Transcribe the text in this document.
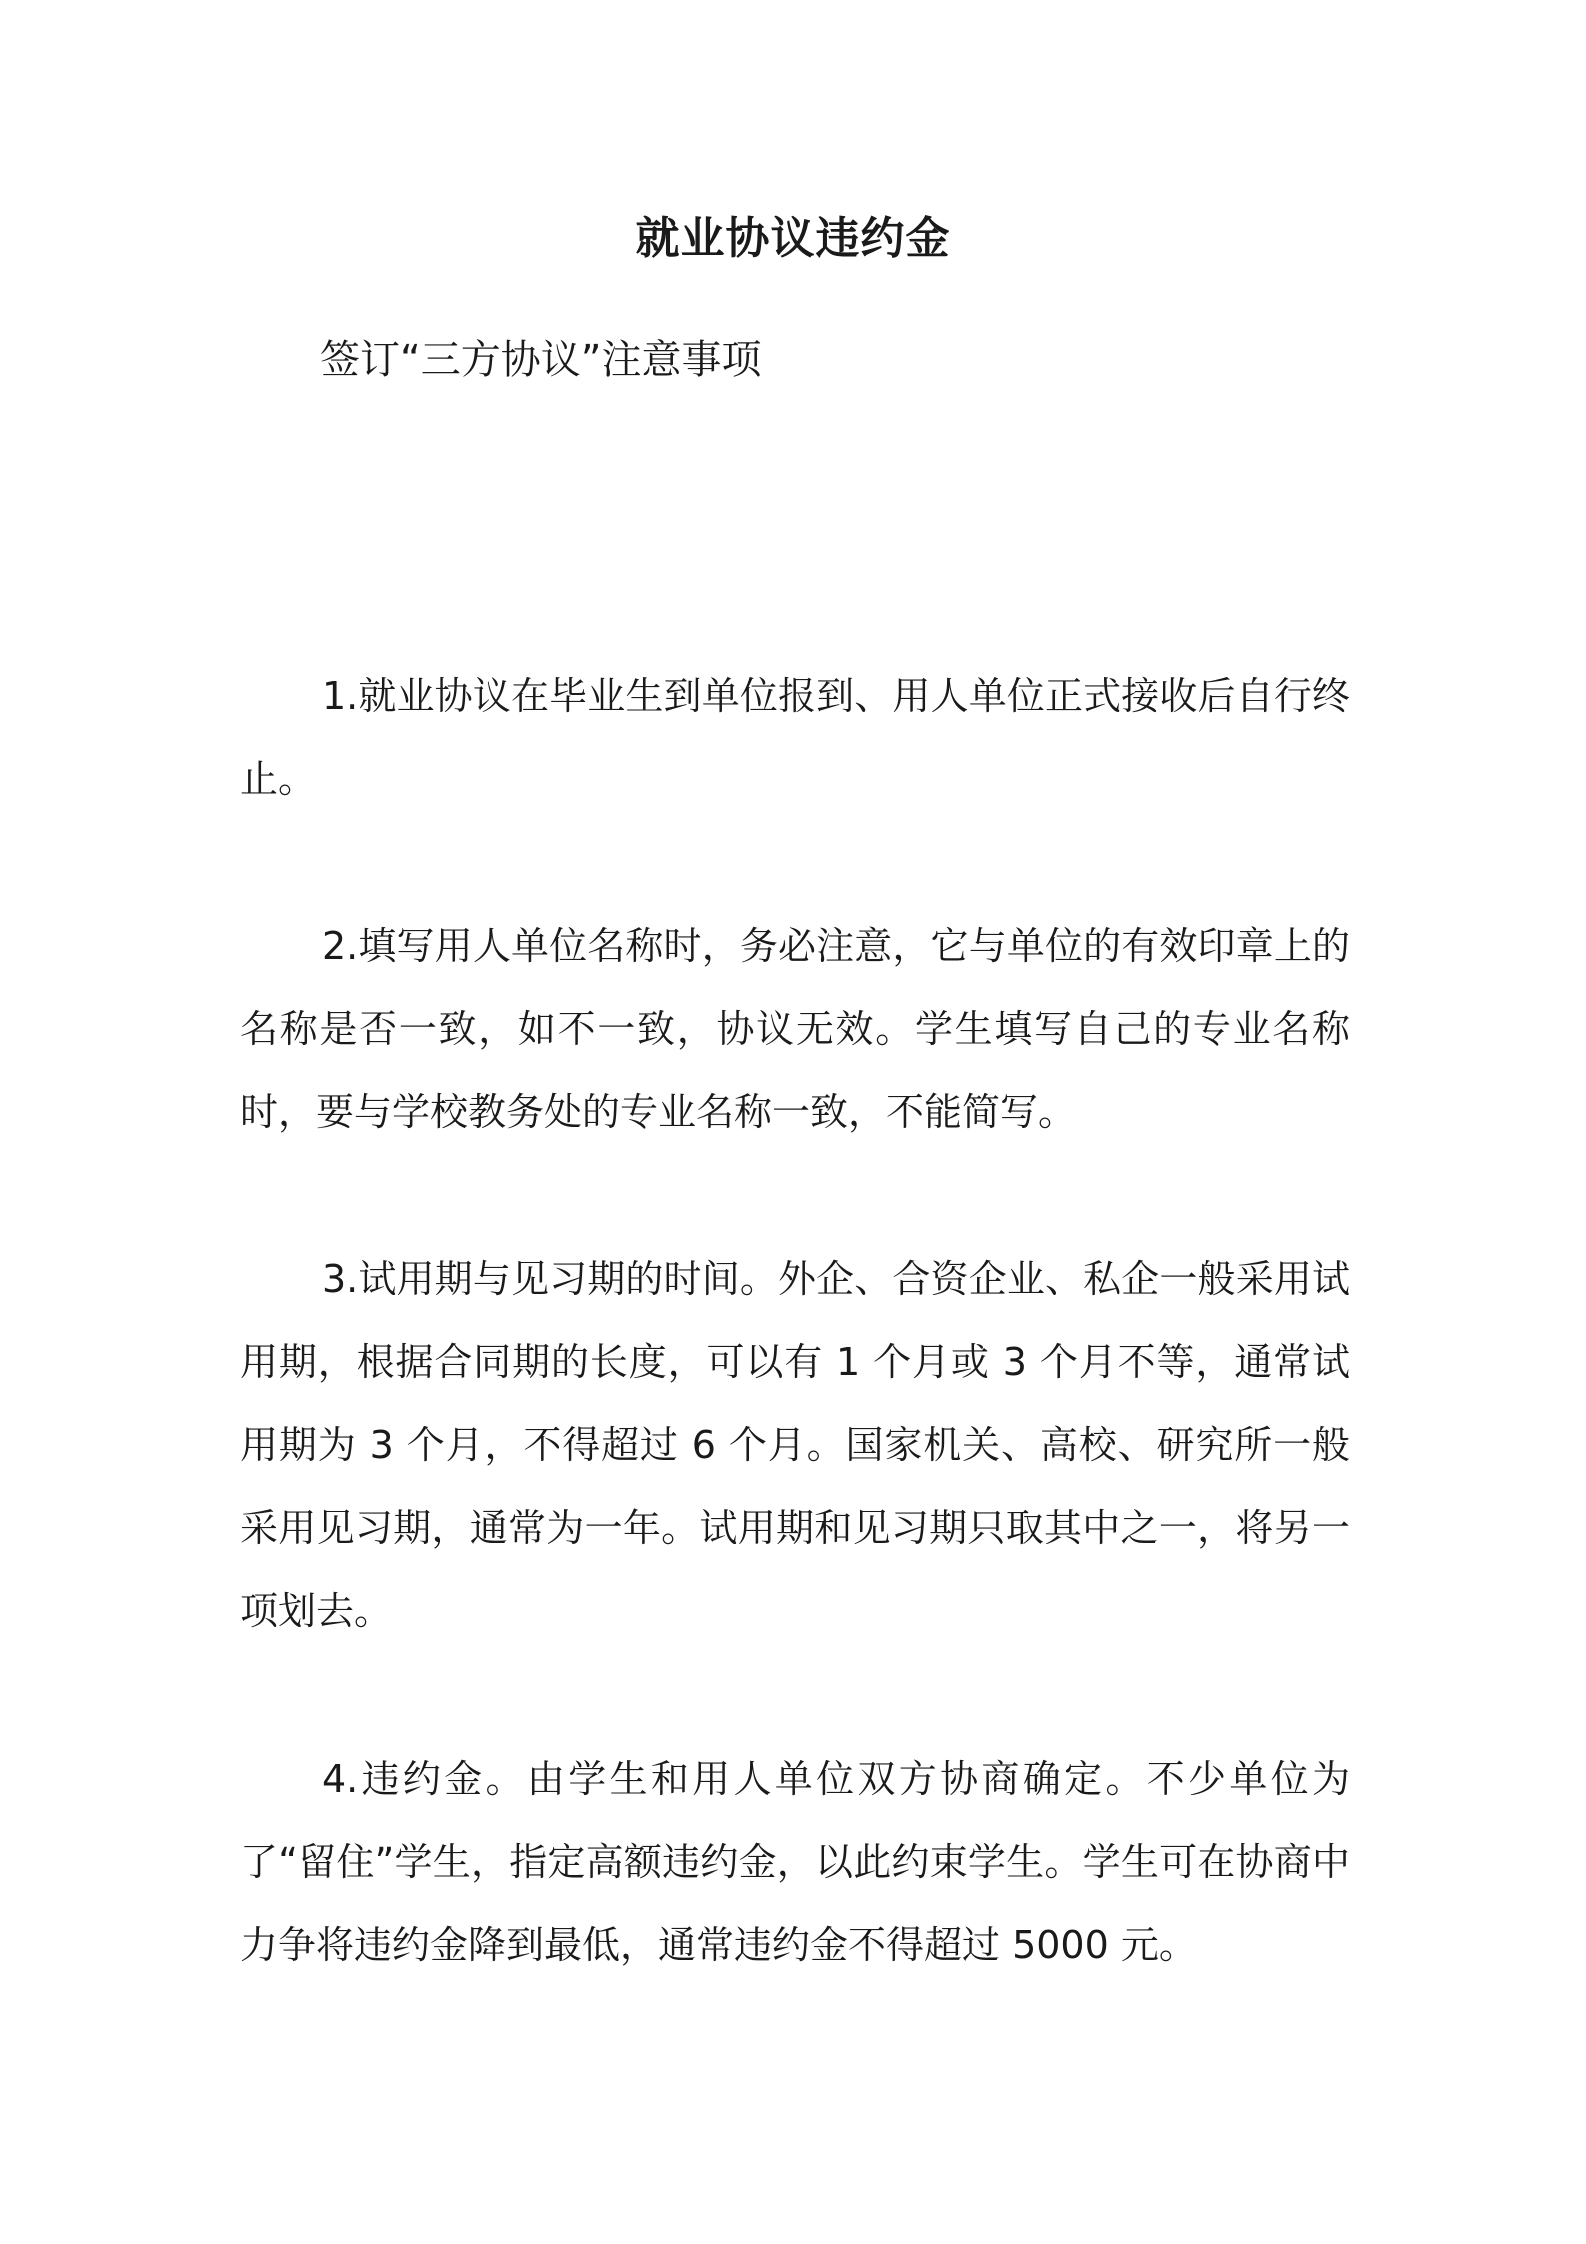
就业协议违约金

签订“三方协议”注意事项

1.就业协议在毕业生到单位报到、用人单位正式接收后自行终止。

2.填写用人单位名称时，务必注意，它与单位的有效印章上的名称是否一致，如不一致，协议无效。学生填写自己的专业名称时，要与学校教务处的专业名称一致，不能简写。

3.试用期与见习期的时间。外企、合资企业、私企一般采用试用期，根据合同期的长度，可以有 1 个月或 3 个月不等，通常试用期为 3 个月，不得超过 6 个月。国家机关、高校、研究所一般采用见习期，通常为一年。试用期和见习期只取其中之一，将另一项划去。

4.违约金。由学生和用人单位双方协商确定。不少单位为了“留住”学生，指定高额违约金，以此约束学生。学生可在协商中力争将违约金降到最低，通常违约金不得超过 5000 元。
